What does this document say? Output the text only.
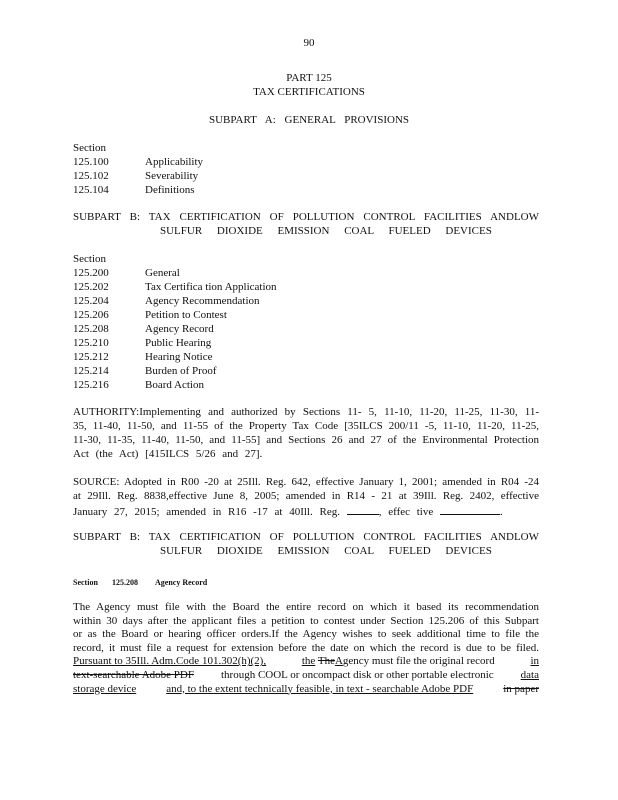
90
PART 125
TAX CERTIFICATIONS
SUBPART A: GENERAL PROVISIONS
Section
125.100	Applicability
125.102	Severability
125.104	Definitions
SUBPART B: TAX CERTIFICATION OF POLLUTION CONTROL FACILITIES ANDLOW
SULFUR DIOXIDE EMISSION COAL FUELED DEVICES
Section
125.200	General
125.202	Tax Certifica tion Application
125.204	Agency Recommendation
125.206	Petition to Contest
125.208	Agency Record
125.210	Public Hearing
125.212	Hearing Notice
125.214	Burden of Proof
125.216	Board Action
AUTHORITY:Implementing and authorized by Sections 11- 5, 11-10, 11-20, 11-25, 11-30, 11-
35, 11-40, 11-50, and 11-55 of the Property Tax Code [35ILCS 200/11 -5, 11-10, 11-20, 11-25,
11-30, 11-35, 11-40, 11-50, and 11-55] and Sections 26 and 27 of the Environmental Protection
Act (the Act) [415ILCS 5/26 and 27].
SOURCE: Adopted in R00 -20 at 25Ill. Reg. 642, effective January 1, 2001; amended in R04 -24
at 29Ill. Reg. 8838,effective June 8, 2005; amended in R14 - 21 at 39Ill. Reg. 2402, effective
January 27, 2015; amended in R16 -17 at 40Ill. Reg.	, effec tive	.
SUBPART B: TAX CERTIFICATION OF POLLUTION CONTROL FACILITIES ANDLOW
SULFUR DIOXIDE EMISSION COAL FUELED DEVICES
Section 125.208 Agency Record
The Agency must file with the Board the entire record on which it based its recommendation
within 30 days after the applicant files a petition to contest under Section 125.206 of this Subpart
or as the Board or hearing officer orders.If the Agency wishes to seek additional time to file the
record, it must file a request for extension before the date on which the record is due to be filed.
Pursuant to 35Ill. Adm.Code 101.302(h)(2),	the TheAgency must file the original record	in
text-searchable Adobe PDF through COOL or oncompact disk or other portable electronic data
storage device	and, to the extent technically feasible, in text - searchable Adobe PDF	in paper
